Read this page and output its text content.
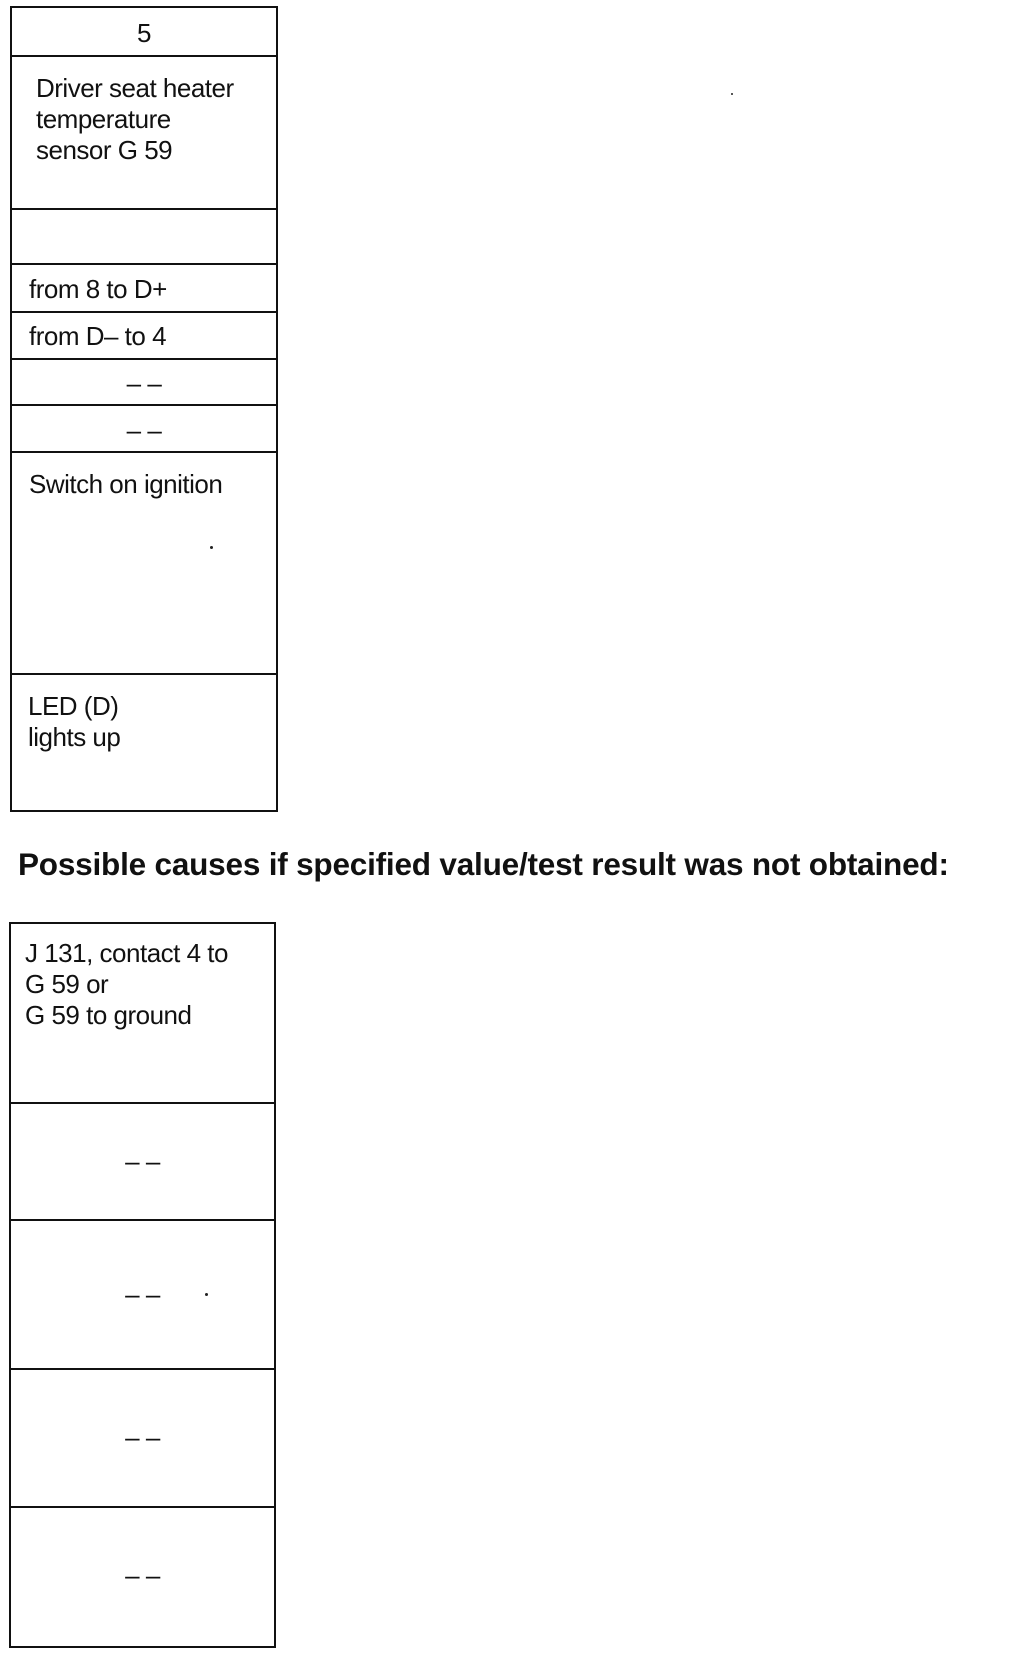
5
Driver seat heater
temperature
sensor G 59
from 8 to D+
from D– to 4
– –
– –
Switch on ignition
LED (D)
lights up
Possible causes if specified value/test result was not obtained:
J 131, contact 4 to
G 59 or
G 59 to ground
– –
– –
– –
– –
